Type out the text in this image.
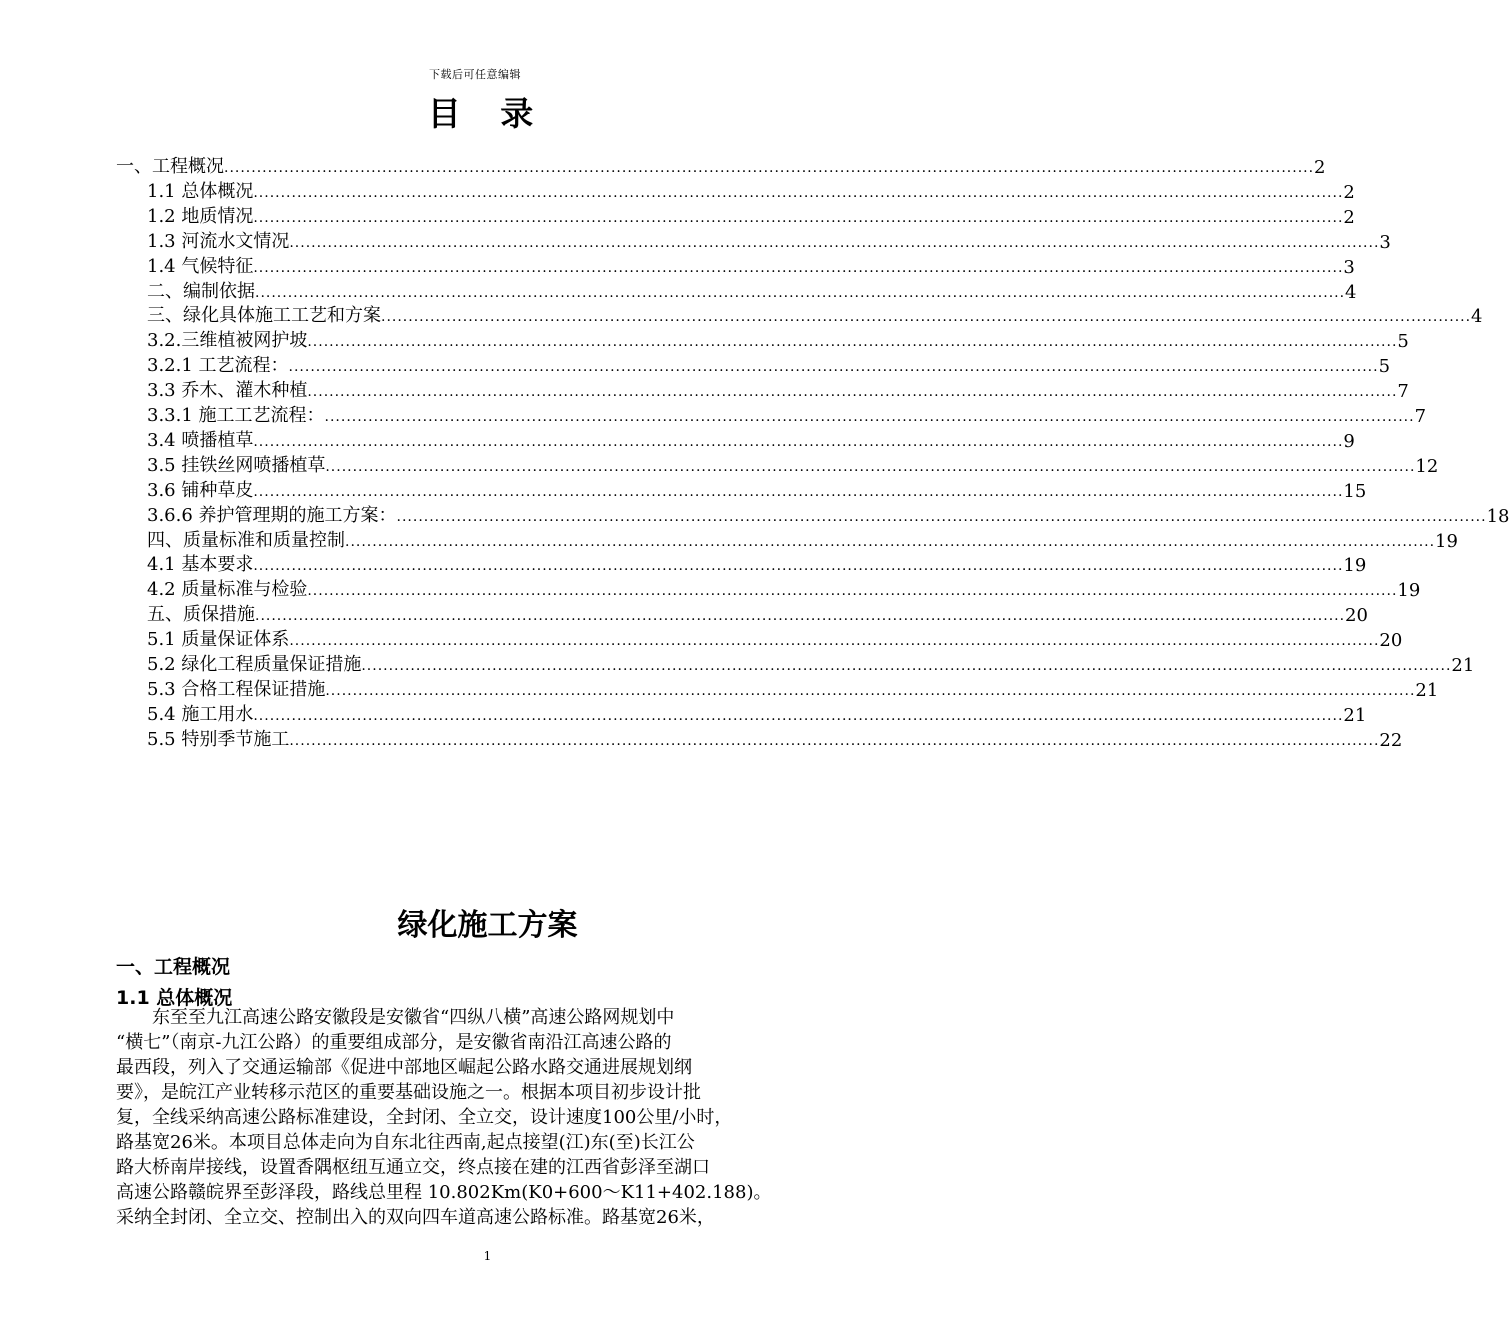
下载后可任意编辑
目 录
一、工程概况 ........................................................................................................................................................................................................ 2
1.1 总体概况 ........................................................................................................................................................................................................ 2
1.2 地质情况 ........................................................................................................................................................................................................ 2
1.3 河流水文情况 ........................................................................................................................................................................................................ 3
1.4 气候特征 ........................................................................................................................................................................................................ 3
二、编制依据 ........................................................................................................................................................................................................ 4
三、绿化具体施工工艺和方案 ........................................................................................................................................................................................................ 4
3.2.三维植被网护坡 ........................................................................................................................................................................................................ 5
3.2.1 工艺流程： ........................................................................................................................................................................................................ 5
3.3 乔木、灌木种植 ........................................................................................................................................................................................................ 7
3.3.1 施工工艺流程： ........................................................................................................................................................................................................ 7
3.4 喷播植草 ........................................................................................................................................................................................................ 9
3.5 挂铁丝网喷播植草 ........................................................................................................................................................................................................ 12
3.6 铺种草皮 ........................................................................................................................................................................................................ 15
3.6.6 养护管理期的施工方案： ........................................................................................................................................................................................................ 18
四、质量标准和质量控制 ........................................................................................................................................................................................................ 19
4.1 基本要求 ........................................................................................................................................................................................................ 19
4.2 质量标准与检验 ........................................................................................................................................................................................................ 19
五、质保措施 ........................................................................................................................................................................................................ 20
5.1 质量保证体系 ........................................................................................................................................................................................................ 20
5.2 绿化工程质量保证措施 ........................................................................................................................................................................................................ 21
5.3 合格工程保证措施 ........................................................................................................................................................................................................ 21
5.4 施工用水 ........................................................................................................................................................................................................ 21
5.5 特别季节施工 ........................................................................................................................................................................................................ 22
绿化施工方案
一、工程概况
1.1 总体概况
　　东至至九江高速公路安徽段是安徽省“四纵八横”高速公路网规划中
“横七”（南京-九江公路）的重要组成部分，是安徽省南沿江高速公路的
最西段，列入了交通运输部《促进中部地区崛起公路水路交通进展规划纲
要》，是皖江产业转移示范区的重要基础设施之一。根据本项目初步设计批
复，全线采纳高速公路标准建设，全封闭、全立交，设计速度100公里/小时，
路基宽26米。本项目总体走向为自东北往西南,起点接望(江)东(至)长江公
路大桥南岸接线，设置香隅枢纽互通立交，终点接在建的江西省彭泽至湖口
高速公路赣皖界至彭泽段，路线总里程 10.802Km(K0+600～K11+402.188)。
采纳全封闭、全立交、控制出入的双向四车道高速公路标准。路基宽26米，
1
